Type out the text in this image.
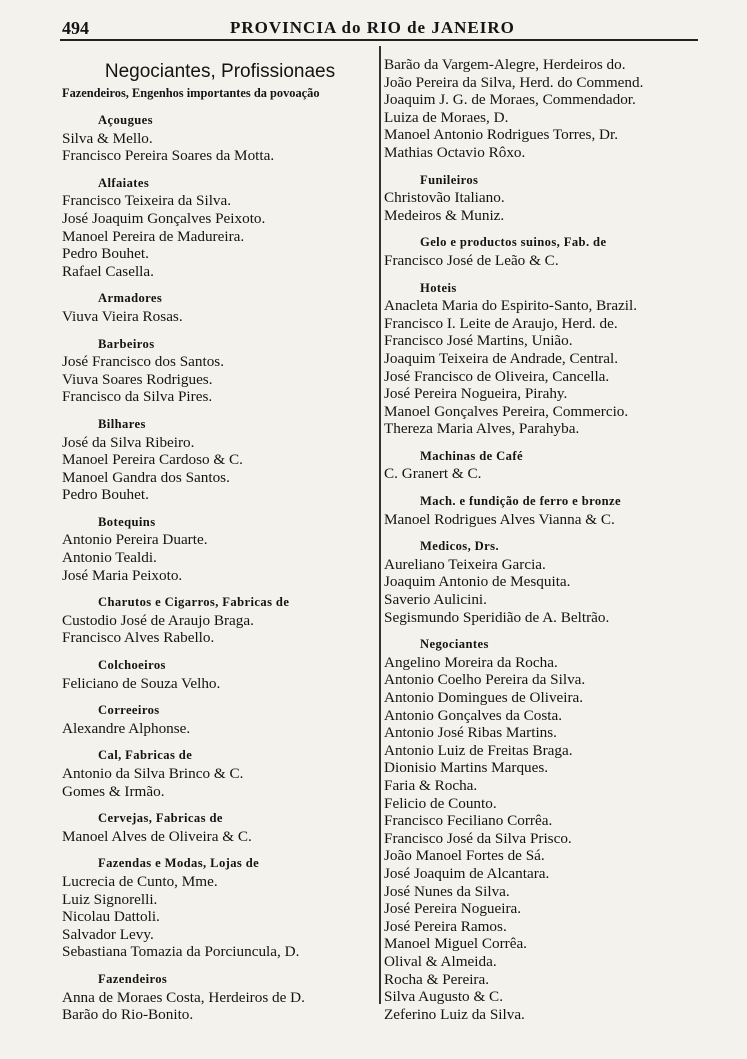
494	PROVINCIA do RIO de JANEIRO
Negociantes, Profissionaes
Fazendeiros, Engenhos importantes da povoação
Açougues
Silva & Mello.
Francisco Pereira Soares da Motta.
Alfaiates
Francisco Teixeira da Silva.
José Joaquim Gonçalves Peixoto.
Manoel Pereira de Madureira.
Pedro Bouhet.
Rafael Casella.
Armadores
Viuva Vieira Rosas.
Barbeiros
José Francisco dos Santos.
Viuva Soares Rodrigues.
Francisco da Silva Pires.
Bilhares
José da Silva Ribeiro.
Manoel Pereira Cardoso & C.
Manoel Gandra dos Santos.
Pedro Bouhet.
Botequins
Antonio Pereira Duarte.
Antonio Tealdi.
José Maria Peixoto.
Charutos e Cigarros, Fabricas de
Custodio José de Araujo Braga.
Francisco Alves Rabello.
Colchoeiros
Feliciano de Souza Velho.
Correeiros
Alexandre Alphonse.
Cal, Fabricas de
Antonio da Silva Brinco & C.
Gomes & Irmão.
Cervejas, Fabricas de
Manoel Alves de Oliveira & C.
Fazendas e Modas, Lojas de
Lucrecia de Cunto, Mme.
Luiz Signorelli.
Nicolau Dattoli.
Salvador Levy.
Sebastiana Tomazia da Porciuncula, D.
Fazendeiros
Anna de Moraes Costa, Herdeiros de D.
Barão do Rio-Bonito.
Barão da Vargem-Alegre, Herdeiros do.
João Pereira da Silva, Herd. do Commend.
Joaquim J. G. de Moraes, Commendador.
Luiza de Moraes, D.
Manoel Antonio Rodrigues Torres, Dr.
Mathias Octavio Rôxo.
Funileiros
Christovão Italiano.
Medeiros & Muniz.
Gelo e productos suinos, Fab. de
Francisco José de Leão & C.
Hoteis
Anacleta Maria do Espirito-Santo, Brazil.
Francisco I. Leite de Araujo, Herd. de.
Francisco José Martins, União.
Joaquim Teixeira de Andrade, Central.
José Francisco de Oliveira, Cancella.
José Pereira Nogueira, Pirahy.
Manoel Gonçalves Pereira, Commercio.
Thereza Maria Alves, Parahyba.
Machinas de Café
C. Granert & C.
Mach. e fundição de ferro e bronze
Manoel Rodrigues Alves Vianna & C.
Medicos, Drs.
Aureliano Teixeira Garcia.
Joaquim Antonio de Mesquita.
Saverio Aulicini.
Segismundo Speridião de A. Beltrão.
Negociantes
Angelino Moreira da Rocha.
Antonio Coelho Pereira da Silva.
Antonio Domingues de Oliveira.
Antonio Gonçalves da Costa.
Antonio José Ribas Martins.
Antonio Luiz de Freitas Braga.
Dionisio Martins Marques.
Faria & Rocha.
Felicio de Counto.
Francisco Feciliano Corrêa.
Francisco José da Silva Prisco.
João Manoel Fortes de Sá.
José Joaquim de Alcantara.
José Nunes da Silva.
José Pereira Nogueira.
José Pereira Ramos.
Manoel Miguel Corrêa.
Olival & Almeida.
Rocha & Pereira.
Silva Augusto & C.
Zeferino Luiz da Silva.
